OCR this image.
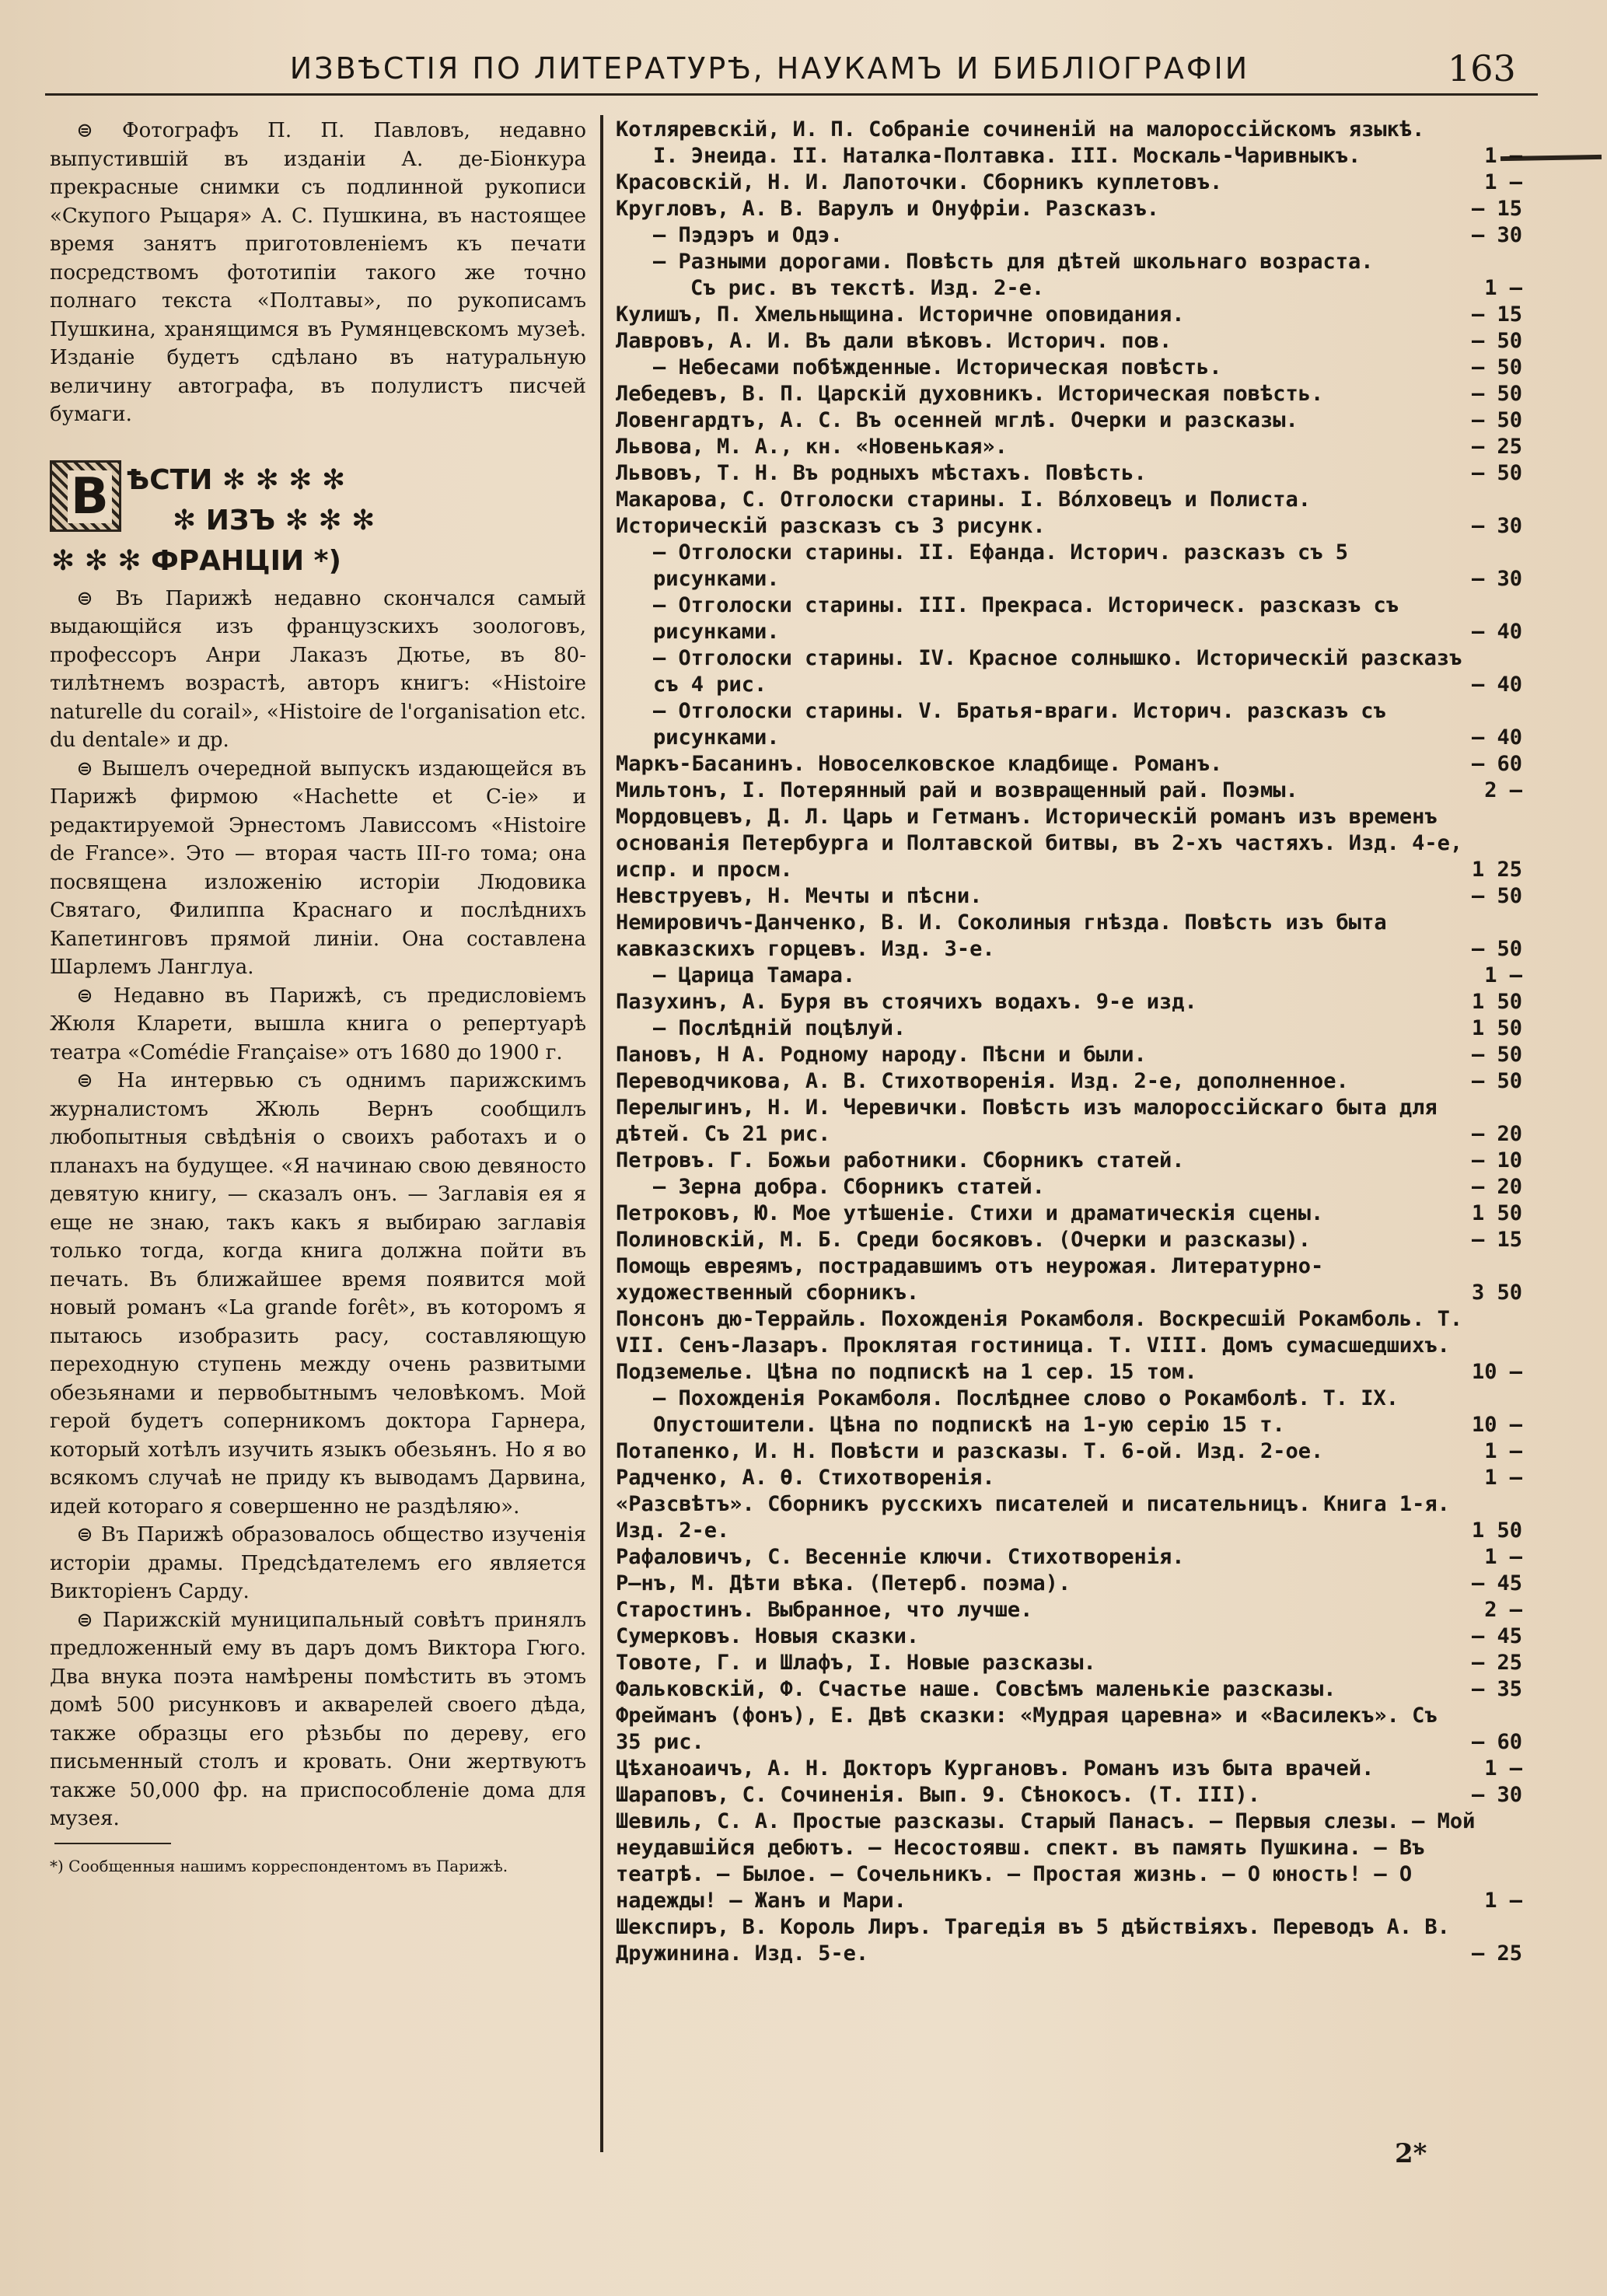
ИЗВѢСТІЯ ПО ЛИТЕРАТУРѢ, НАУКАМЪ И БИБЛІОГРАФІИ	163

⊜ Фотографъ П. П. Павловъ, недавно выпустившій въ изданіи А. де-Біонкура прекрасные снимки съ подлинной рукописи «Скупого Рыцаря» А. С. Пушкина, въ настоящее время занятъ приготовленіемъ къ печати посредствомъ фототипіи такого же точно полнаго текста «Полтавы», по рукописамъ Пушкина, хранящимся въ Румянцевскомъ музеѣ. Изданіе будетъ сдѣлано въ натуральную величину автографа, въ полулистъ писчей бумаги.

В ѢСТИ ✻ ✻ ✻ ✻
✻ ИЗЪ ✻ ✻ ✻
✻ ✻ ✻ ФРАНЦІИ *)

⊜ Въ Парижѣ недавно скончался самый выдающійся изъ французскихъ зоологовъ, профессоръ Анри Лаказъ Дютье, въ 80-тилѣтнемъ возрастѣ, авторъ книгъ: «Histoire naturelle du corail», «Histoire de l'organisation etc. du dentale» и др.

⊜ Вышелъ очередной выпускъ издающейся въ Парижѣ фирмою «Hachette et C-ie» и редактируемой Эрнестомъ Лависсомъ «Histoire de France». Это — вторая часть III-го тома; она посвящена изложенію исторіи Людовика Святаго, Филиппа Краснаго и послѣднихъ Капетинговъ прямой линіи. Она составлена Шарлемъ Ланглуа.

⊜ Недавно въ Парижѣ, съ предисловіемъ Жюля Кларети, вышла книга о репертуарѣ театра «Comédie Française» отъ 1680 до 1900 г.

⊜ На интервью съ однимъ парижскимъ журналистомъ Жюль Вернъ сообщилъ любопытныя свѣдѣнія о своихъ работахъ и о планахъ на будущее. «Я начинаю свою девяносто девятую книгу, — сказалъ онъ. — Заглавія ея я еще не знаю, такъ какъ я выбираю заглавія только тогда, когда книга должна пойти въ печать. Въ ближайшее время появится мой новый романъ «La grande forêt», въ которомъ я пытаюсь изобразить расу, составляющую переходную ступень между очень развитыми обезьянами и первобытнымъ человѣкомъ. Мой герой будетъ соперникомъ доктора Гарнера, который хотѣлъ изучить языкъ обезьянъ. Но я во всякомъ случаѣ не приду къ выводамъ Дарвина, идей котораго я совершенно не раздѣляю».

⊜ Въ Парижѣ образовалось общество изученія исторіи драмы. Предсѣдателемъ его является Викторіенъ Сарду.

⊜ Парижскій муниципальный совѣтъ принялъ предложенный ему въ даръ домъ Виктора Гюго. Два внука поэта намѣрены помѣстить въ этомъ домѣ 500 рисунковъ и акварелей своего дѣда, также образцы его рѣзьбы по дереву, его письменный столъ и кровать. Они жертвуютъ также 50,000 фр. на приспособленіе дома для музея.

*) Сообщенныя нашимъ корреспондентомъ въ Парижѣ.
Котляревскій, И. П. Собраніе сочиненій на малороссійскомъ языкѣ.
I. Энеида. II. Наталка-Полтавка. III. Москаль-Чаривныкъ.	1 —
Красовскій, Н. И. Лапоточки. Сборникъ куплетовъ.	1 —
Кругловъ, А. В. Варулъ и Онуфріи. Разсказъ.	— 15
— Пэдэръ и Одэ.	— 30
— Разными дорогами. Повѣсть для дѣтей школьнаго возраста.
Съ рис. въ текстѣ. Изд. 2-е.	1 —
Кулишъ, П. Хмельныщина. Историчне оповидания.	— 15
Лавровъ, А. И. Въ дали вѣковъ. Историч. пов.	— 50
— Небесами побѣжденные. Историческая повѣсть.	— 50
Лебедевъ, В. П. Царскій духовникъ. Историческая повѣсть.	— 50
Ловенгардтъ, А. С. Въ осенней мглѣ. Очерки и разсказы.	— 50
Львова, М. А., кн. «Новенькая».	— 25
Львовъ, Т. Н. Въ родныхъ мѣстахъ. Повѣсть.	— 50
Макарова, С. Отголоски старины. I. Вóлховецъ и Полиста. Историческій разсказъ съ 3 рисунк.	— 30
— Отголоски старины. II. Ефанда. Историч. разсказъ съ 5 рисунками.	— 30
— Отголоски старины. III. Прекраса. Историческ. разсказъ съ рисунками.	— 40
— Отголоски старины. IV. Красное солнышко. Историческій разсказъ съ 4 рис.	— 40
— Отголоски старины. V. Братья-враги. Историч. разсказъ съ рисунками.	— 40
Маркъ-Басанинъ. Новоселковское кладбище. Романъ.	— 60
Мильтонъ, I. Потерянный рай и возвращенный рай. Поэмы.	2 —
Мордовцевъ, Д. Л. Царь и Гетманъ. Историческій романъ изъ временъ основанія Петербурга и Полтавской битвы, въ 2-хъ частяхъ. Изд. 4-е, испр. и просм.	1 25
Невструевъ, Н. Мечты и пѣсни.	— 50
Немировичъ-Данченко, В. И. Соколиныя гнѣзда. Повѣсть изъ быта кавказскихъ горцевъ. Изд. 3-е.	— 50
— Царица Тамара.	1 —
Пазухинъ, А. Буря въ стоячихъ водахъ. 9-е изд.	1 50
— Послѣдній поцѣлуй.	1 50
Пановъ, Н А. Родному народу. Пѣсни и были.	— 50
Переводчикова, А. В. Стихотворенія. Изд. 2-е, дополненное.	— 50
Перелыгинъ, Н. И. Черевички. Повѣсть изъ малороссійскаго быта для дѣтей. Съ 21 рис.	— 20
Петровъ. Г. Божьи работники. Сборникъ статей.	— 10
— Зерна добра. Сборникъ статей.	— 20
Петроковъ, Ю. Мое утѣшеніе. Стихи и драматическія сцены.	1 50
Полиновскій, М. Б. Среди босяковъ. (Очерки и разсказы).	— 15
Помощь евреямъ, пострадавшимъ отъ неурожая. Литературно-художественный сборникъ.	3 50
Понсонъ дю-Террайль. Похожденія Рокамболя. Воскресшій Рокамболь. Т. VII. Сенъ-Лазаръ. Проклятая гостиница. Т. VIII. Домъ сумасшедшихъ. Подземелье. Цѣна по подпискѣ на 1 сер. 15 том.	10 —
— Похожденія Рокамболя. Послѣднее слово о Рокамболѣ. Т. IX. Опустошители. Цѣна по подпискѣ на 1-ую серію 15 т.	10 —
Потапенко, И. Н. Повѣсти и разсказы. Т. 6-ой. Изд. 2-ое.	1 —
Радченко, А. Ѳ. Стихотворенія.	1 —
«Разсвѣтъ». Сборникъ русскихъ писателей и писательницъ. Книга 1-я. Изд. 2-е.	1 50
Рафаловичъ, С. Весенніе ключи. Стихотворенія.	1 —
Р—нъ, М. Дѣти вѣка. (Петерб. поэма).	— 45
Старостинъ. Выбранное, что лучше.	2 —
Сумерковъ. Новыя сказки.	— 45
Товоте, Г. и Шлафъ, I. Новые разсказы.	— 25
Фальковскій, Ф. Счастье наше. Совсѣмъ маленькіе разсказы.	— 35
Фрейманъ (фонъ), Е. Двѣ сказки: «Мудрая царевна» и «Василекъ». Съ 35 рис.	— 60
Цѣханоаичъ, А. Н. Докторъ Кургановъ. Романъ изъ быта врачей.	1 —
Шараповъ, С. Сочиненія. Вып. 9. Сѣнокосъ. (Т. III).	— 30
Шевиль, С. А. Простые разсказы. Старый Панасъ. — Первыя слезы. — Мой неудавшійся дебютъ. — Несостоявш. спект. въ память Пушкина. — Въ театрѣ. — Былое. — Сочельникъ. — Простая жизнь. — О юность! — О надежды! — Жанъ и Мари.	1 —
Шекспиръ, В. Король Лиръ. Трагедія въ 5 дѣйствіяхъ. Переводъ А. В. Дружинина. Изд. 5-е.	— 25
2*
